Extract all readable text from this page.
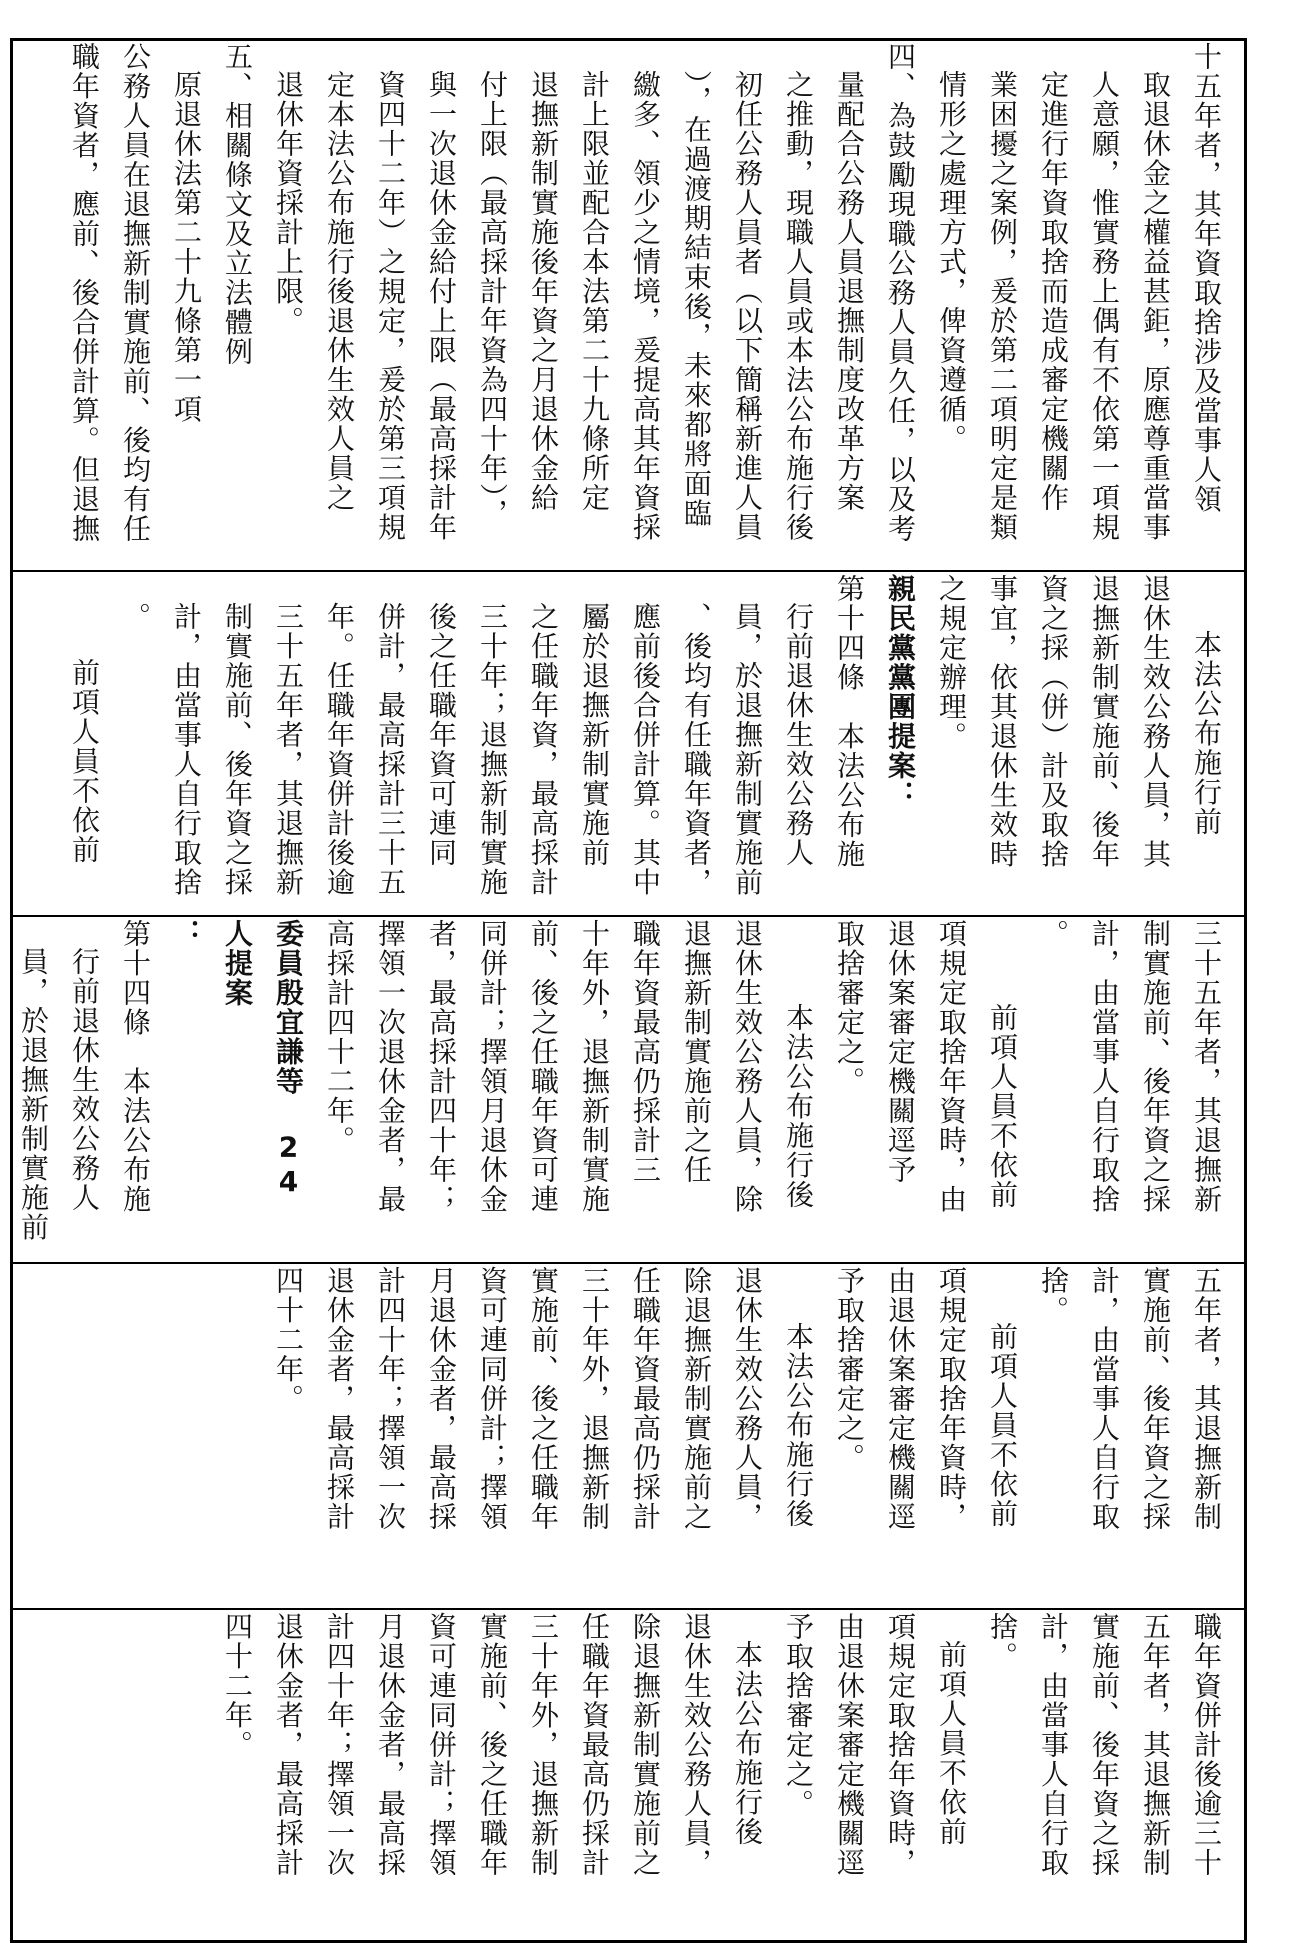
十五年者，其年資取捨涉及當事人領

取退休金之權益甚鉅，原應尊重當事

人意願，惟實務上偶有不依第一項規

定進行年資取捨而造成審定機關作

業困擾之案例，爰於第二項明定是類

情形之處理方式，俾資遵循。

四、為鼓勵現職公務人員久任，以及考

量配合公務人員退撫制度改革方案

之推動，現職人員或本法公布施行後

初任公務人員者（以下簡稱新進人員

），在過渡期結束後，未來都將面臨

繳多、領少之情境，爰提高其年資採

計上限並配合本法第二十九條所定

退撫新制實施後年資之月退休金給

付上限（最高採計年資為四十年），

與一次退休金給付上限（最高採計年

資四十二年）之規定，爰於第三項規

定本法公布施行後退休生效人員之

退休年資採計上限。

五、相關條文及立法體例

原退休法第二十九條第一項

公務人員在退撫新制實施前、後均有任

職年資者，應前、後合併計算。但退撫

本法公布施行前

退休生效公務人員，其

退撫新制實施前、後年

資之採（併）計及取捨

事宜，依其退休生效時

之規定辦理。

親民黨黨團提案：

第十四條　本法公布施

行前退休生效公務人

員，於退撫新制實施前

、後均有任職年資者，

應前後合併計算。其中

屬於退撫新制實施前

之任職年資，最高採計

三十年；退撫新制實施

後之任職年資可連同

併計，最高採計三十五

年。任職年資併計後逾

三十五年者，其退撫新

制實施前、後年資之採

計，由當事人自行取捨

。

前項人員不依前

三十五年者，其退撫新

制實施前、後年資之採

計，由當事人自行取捨

。

前項人員不依前

項規定取捨年資時，由

退休案審定機關逕予

取捨審定之。

本法公布施行後

退休生效公務人員，除

退撫新制實施前之任

職年資最高仍採計三

十年外，退撫新制實施

前、後之任職年資可連

同併計；擇領月退休金

者，最高採計四十年；

擇領一次退休金者，最

高採計四十二年。

委員殷宜謙等 24 人提案

：

第十四條　本法公布施

行前退休生效公務人

員，於退撫新制實施前

五年者，其退撫新制

實施前、後年資之採

計，由當事人自行取

捨。

前項人員不依前

項規定取捨年資時，

由退休案審定機關逕

予取捨審定之。

本法公布施行後

退休生效公務人員，

除退撫新制實施前之

任職年資最高仍採計

三十年外，退撫新制

實施前、後之任職年

資可連同併計；擇領

月退休金者，最高採

計四十年；擇領一次

退休金者，最高採計

四十二年。

職年資併計後逾三十

五年者，其退撫新制

實施前、後年資之採

計，由當事人自行取

捨。

前項人員不依前

項規定取捨年資時，

由退休案審定機關逕

予取捨審定之。

本法公布施行後

退休生效公務人員，

除退撫新制實施前之

任職年資最高仍採計

三十年外，退撫新制

實施前、後之任職年

資可連同併計；擇領

月退休金者，最高採

計四十年；擇領一次

退休金者，最高採計

四十二年。
